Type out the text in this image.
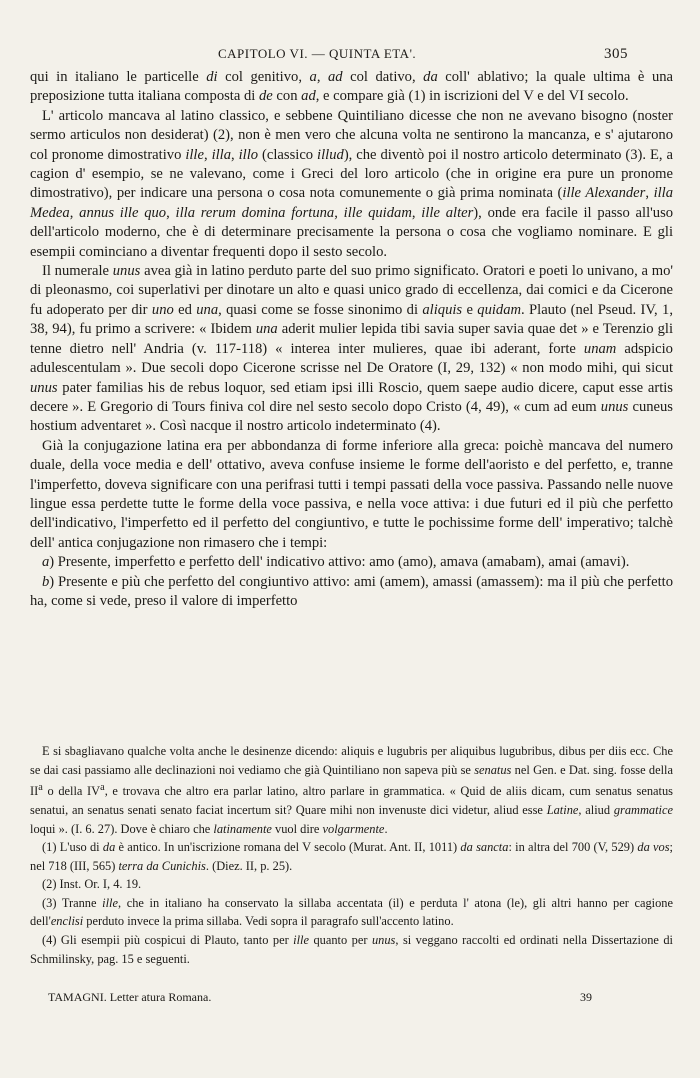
CAPITOLO VI. — QUINTA ETA'.	305

qui in italiano le particelle di col genitivo, a, ad col dativo, da coll' ablativo; la quale ultima è una preposizione tutta italiana composta di de con ad, e compare già (1) in iscrizioni del V e del VI secolo.

L' articolo mancava al latino classico, e sebbene Quintiliano dicesse che non ne avevano bisogno (noster sermo articulos non desiderat) (2), non è men vero che alcuna volta ne sentirono la mancanza, e s' ajutarono col pronome dimostrativo ille, illa, illo (classico illud), che diventò poi il nostro articolo determinato (3). E, a cagion d' esempio, se ne valevano, come i Greci del loro articolo (che in origine era pure un pronome dimostrativo), per indicare una persona o cosa nota comunemente o già prima nominata (ille Alexander, illa Medea, annus ille quo, illa rerum domina fortuna, ille quidam, ille alter), onde era facile il passo all'uso dell'articolo moderno, che è di determinare precisamente la persona o cosa che vogliamo nominare. E gli esempii cominciano a diventar frequenti dopo il sesto secolo.

Il numerale unus avea già in latino perduto parte del suo primo significato. Oratori e poeti lo univano, a mo' di pleonasmo, coi superlativi per dinotare un alto e quasi unico grado di eccellenza, dai comici e da Cicerone fu adoperato per dir uno ed una, quasi come se fosse sinonimo di aliquis e quidam. Plauto (nel Pseud. IV, 1, 38, 94), fu primo a scrivere: « Ibidem una aderit mulier lepida tibi savia super savia quae det » e Terenzio gli tenne dietro nell' Andria (v. 117-118) « interea inter mulieres, quae ibi aderant, forte unam adspicio adulescentulam ». Due secoli dopo Cicerone scrisse nel De Oratore (I, 29, 132) « non modo mihi, qui sicut unus pater familias his de rebus loquor, sed etiam ipsi illi Roscio, quem saepe audio dicere, caput esse artis decere ». E Gregorio di Tours finiva col dire nel sesto secolo dopo Cristo (4, 49), « cum ad eum unus cuneus hostium adventaret ». Così nacque il nostro articolo indeterminato (4).

Già la conjugazione latina era per abbondanza di forme inferiore alla greca: poichè mancava del numero duale, della voce media e dell' ottativo, aveva confuse insieme le forme dell'aoristo e del perfetto, e, tranne l'imperfetto, doveva significare con una perifrasi tutti i tempi passati della voce passiva. Passando nelle nuove lingue essa perdette tutte le forme della voce passiva, e nella voce attiva: i due futuri ed il più che perfetto dell'indicativo, l'imperfetto ed il perfetto del congiuntivo, e tutte le pochissime forme dell' imperativo; talchè dell' antica conjugazione non rimasero che i tempi:

a) Presente, imperfetto e perfetto dell' indicativo attivo: amo (amo), amava (amabam), amai (amavi).

b) Presente e più che perfetto del congiuntivo attivo: ami (amem), amassi (amassem): ma il più che perfetto ha, come si vede, preso il valore di imperfetto

E si sbagliavano qualche volta anche le desinenze dicendo: aliquis e lugubris per aliquibus lugubribus, dibus per diis ecc. Che se dai casi passiamo alle declinazioni noi vediamo che già Quintiliano non sapeva più se senatus nel Gen. e Dat. sing. fosse della $II^a$ o della $IV^a$, e trovava che altro era parlar latino, altro parlare in grammatica. « Quid de aliis dicam, cum senatus senatus senatui, an senatus senati senato faciat incertum sit? Quare mihi non invenuste dici videtur, aliud esse Latine, aliud grammatice loqui ». (I. 6. 27). Dove è chiaro che latinamente vuol dire volgarmente.

(1) L'uso di da è antico. In un'iscrizione romana del V secolo (Murat. Ant. II, 1011) da sancta: in altra del 700 (V, 529) da vos; nel 718 (III, 565) terra da Cunichis. (Diez. II, p. 25).

(2) Inst. Or. I, 4. 19.

(3) Tranne ille, che in italiano ha conservato la sillaba accentata (il) e perduta l' atona (le), gli altri hanno per cagione dell'enclisi perduto invece la prima sillaba. Vedi sopra il paragrafo sull'accento latino.

(4) Gli esempii più cospicui di Plauto, tanto per ille quanto per unus, si veggano raccolti ed ordinati nella Dissertazione di Schmilinsky, pag. 15 e seguenti.

TAMAGNI. Letter atura Romana.	39
